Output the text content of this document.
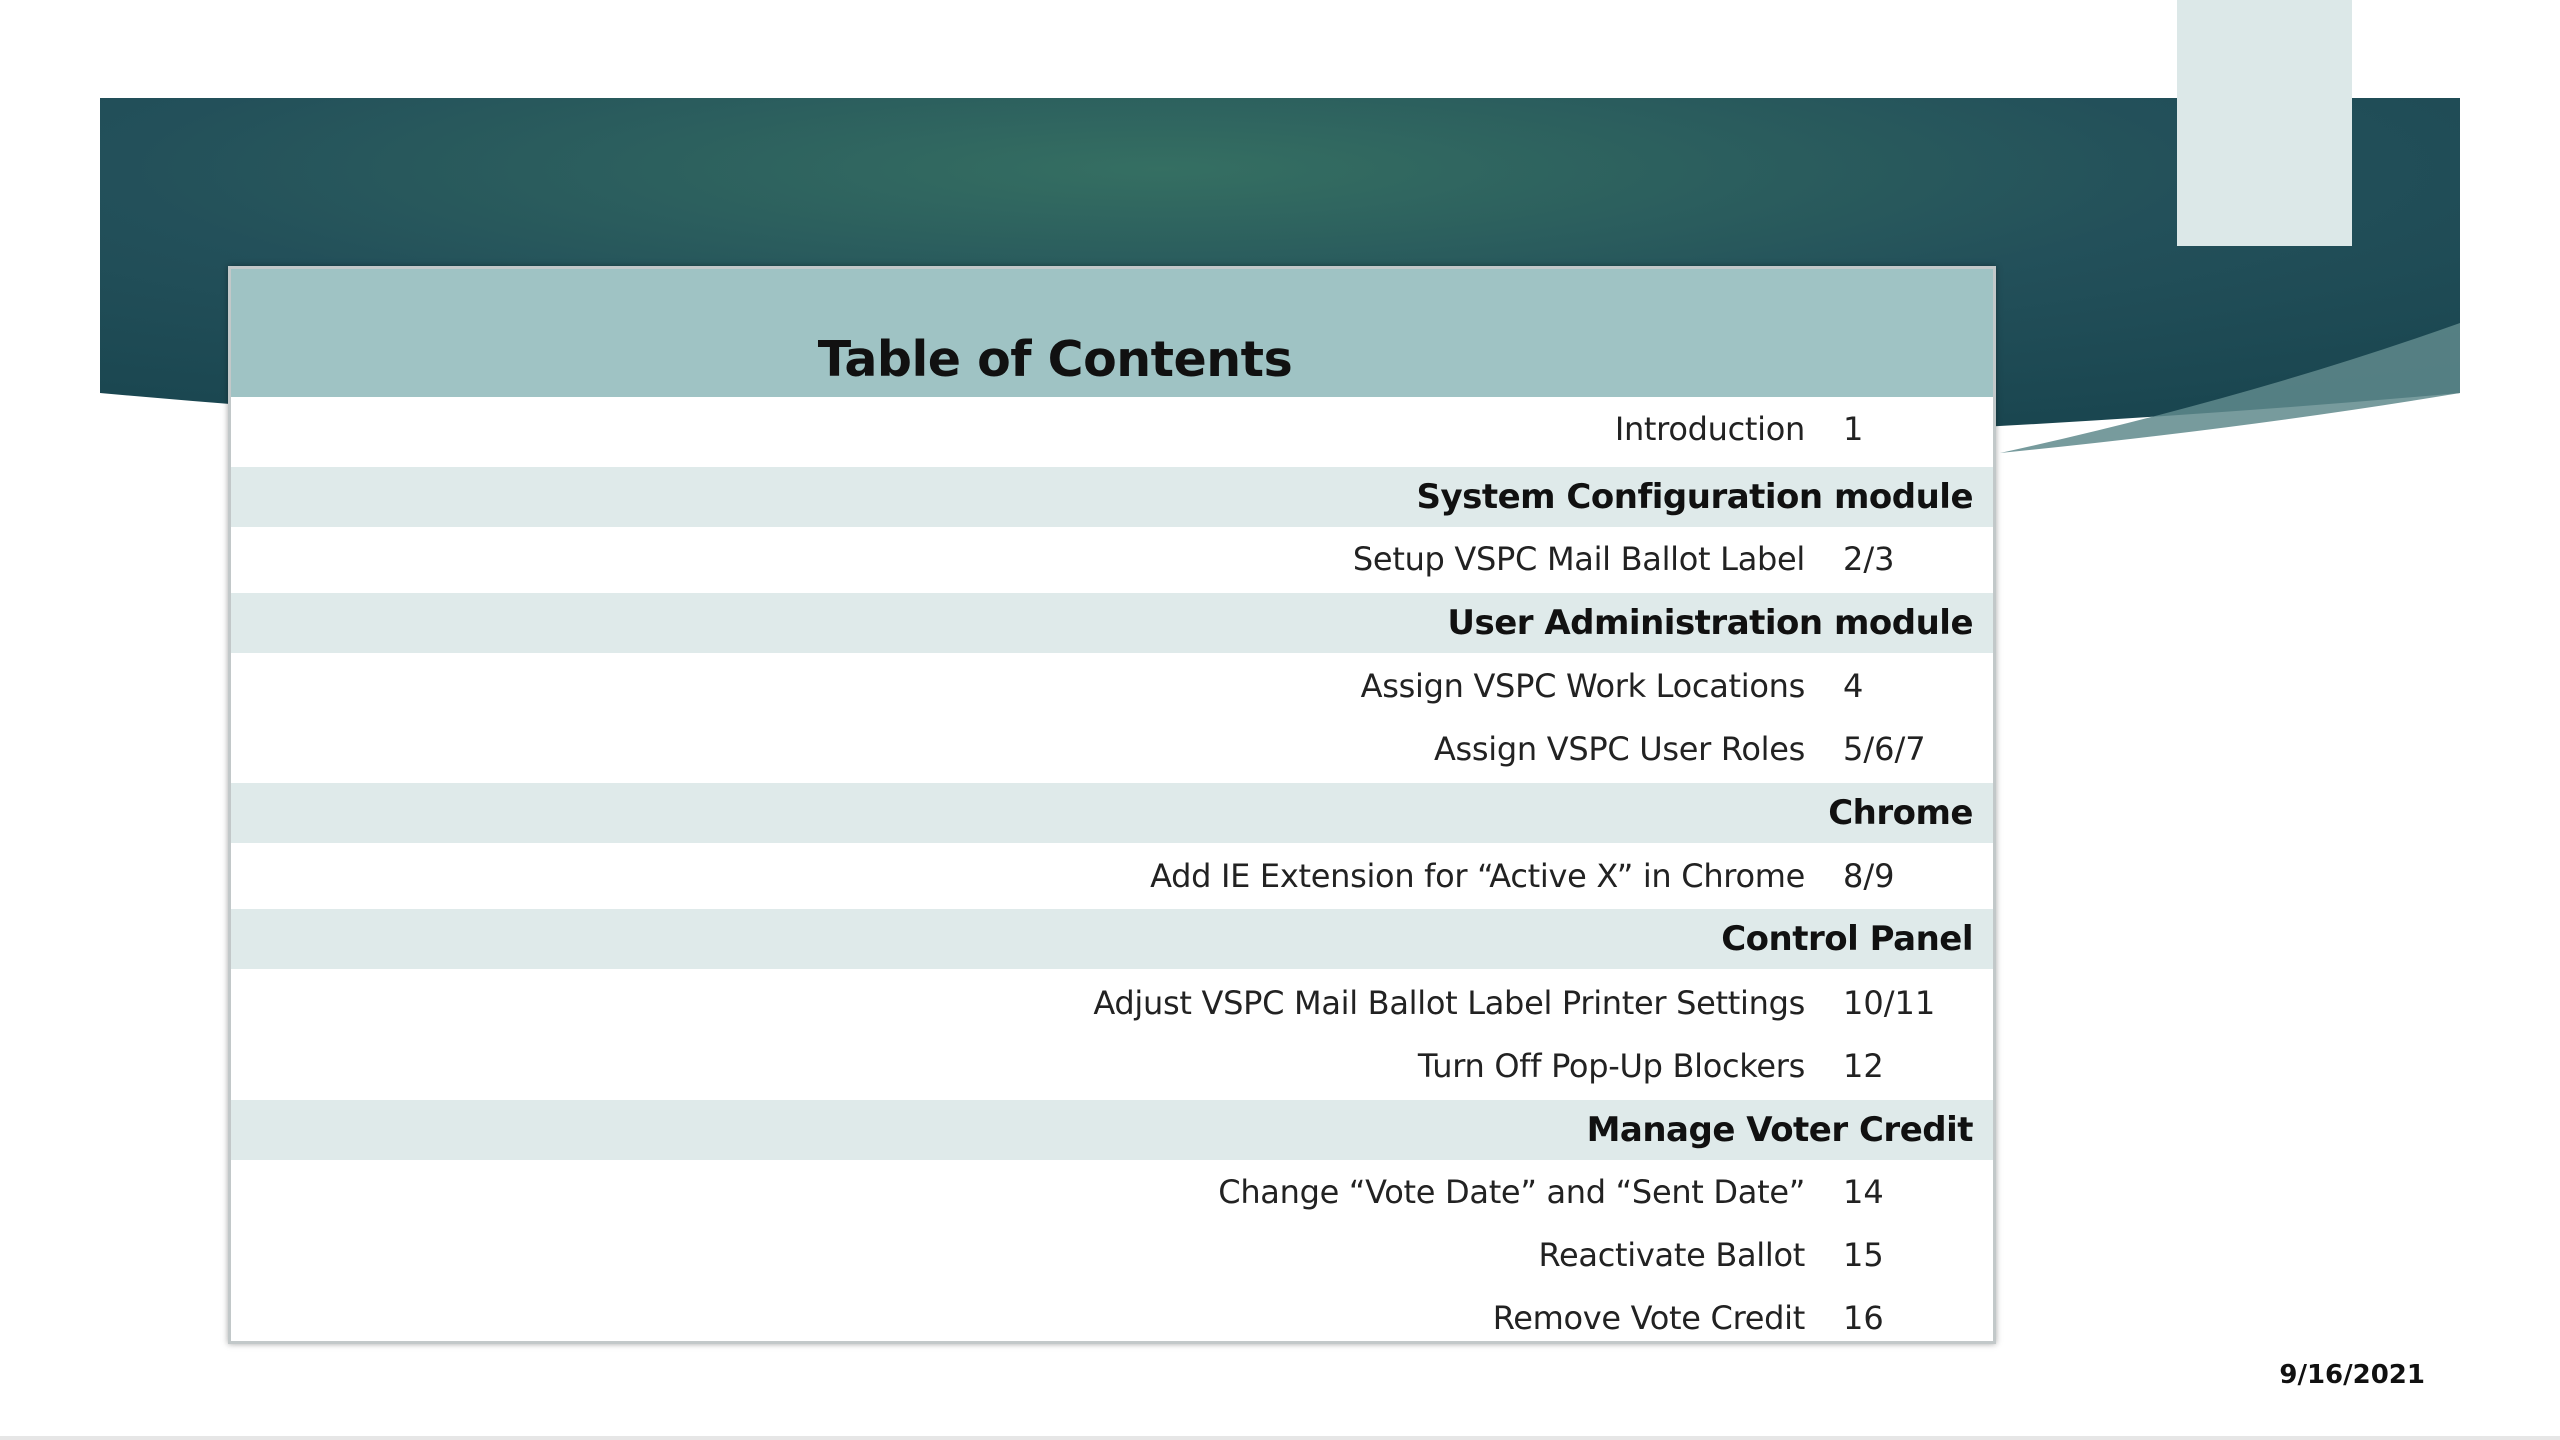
Table of Contents
Introduction 1
System Configuration module
Setup VSPC Mail Ballot Label 2/3
User Administration module
Assign VSPC Work Locations 4
Assign VSPC User Roles 5/6/7
Chrome
Add IE Extension for “Active X” in Chrome 8/9
Control Panel
Adjust VSPC Mail Ballot Label Printer Settings 10/11
Turn Off Pop-Up Blockers 12
Manage Voter Credit
Change “Vote Date” and “Sent Date” 14
Reactivate Ballot 15
Remove Vote Credit 16
9/16/2021
